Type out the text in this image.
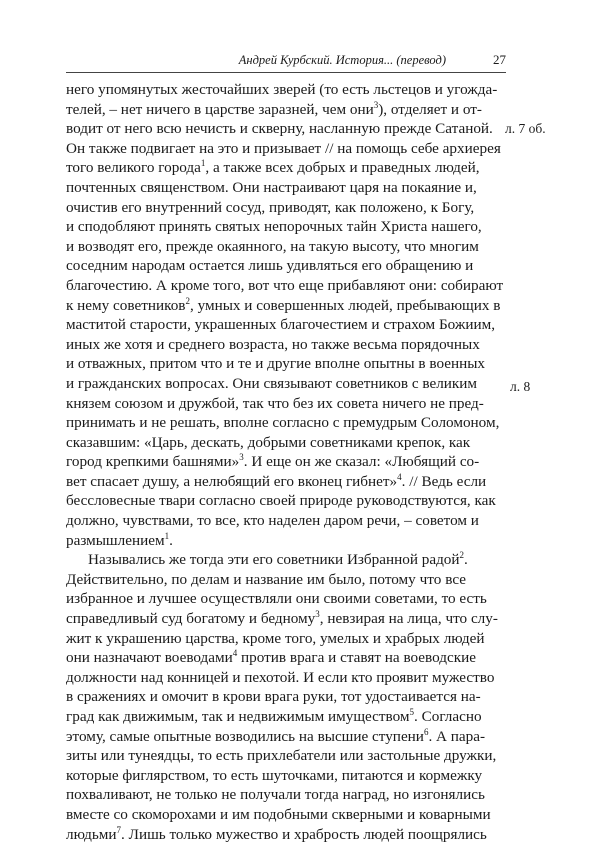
Андрей Курбский. История... (перевод)	27
него упомянутых жесточайших зверей (то есть льстецов и угожда-
телей, – нет ничего в царстве заразней, чем они$^3$), отделяет и от-
водит от него всю нечисть и скверну, насланную прежде Сатаной.
Он также подвигает на это и призывает // на помощь себе архиерея
того великого города$^1$, а также всех добрых и праведных людей,
почтенных священством. Они настраивают царя на покаяние и,
очистив его внутренний сосуд, приводят, как положено, к Богу,
и сподобляют принять святых непорочных тайн Христа нашего,
и возводят его, прежде окаянного, на такую высоту, что многим
соседним народам остается лишь удивляться его обращению и
благочестию. А кроме того, вот что еще прибавляют они: собирают
к нему советников$^2$, умных и совершенных людей, пребывающих в
маститой старости, украшенных благочестием и страхом Божиим,
иных же хотя и среднего возраста, но также весьма порядочных
и отважных, притом что и те и другие вполне опытны в военных
и гражданских вопросах. Они связывают советников с великим
князем союзом и дружбой, так что без их совета ничего не пред-
принимать и не решать, вполне согласно с премудрым Соломоном,
сказавшим: «Царь, дескать, добрыми советниками крепок, как
город крепкими башнями»$^3$. И еще он же сказал: «Любящий со-
вет спасает душу, а нелюбящий его вконец гибнет»$^4$. // Ведь если
бессловесные твари согласно своей природе руководствуются, как
должно, чувствами, то все, кто наделен даром речи, – советом и
размышлением$^1$.
Назывались же тогда эти его советники Избранной радой$^2$.
Действительно, по делам и название им было, потому что все
избранное и лучшее осуществляли они своими советами, то есть
справедливый суд богатому и бедному$^3$, невзирая на лица, что слу-
жит к украшению царства, кроме того, умелых и храбрых людей
они назначают воеводами$^4$ против врага и ставят на воеводские
должности над конницей и пехотой. И если кто проявит мужество
в сражениях и омочит в крови врага руки, тот удостаивается на-
град как движимым, так и недвижимым имуществом$^5$. Согласно
этому, самые опытные возводились на высшие ступени$^6$. А пара-
зиты или тунеядцы, то есть прихлебатели или застольные дружки,
которые фиглярством, то есть шуточками, питаются и кормежку
похваливают, не только не получали тогда наград, но изгонялись
вместе со скоморохами и им подобными скверными и коварными
людьми$^7$. Лишь только мужество и храбрость людей поощрялись
л. 7 об.
л. 8
